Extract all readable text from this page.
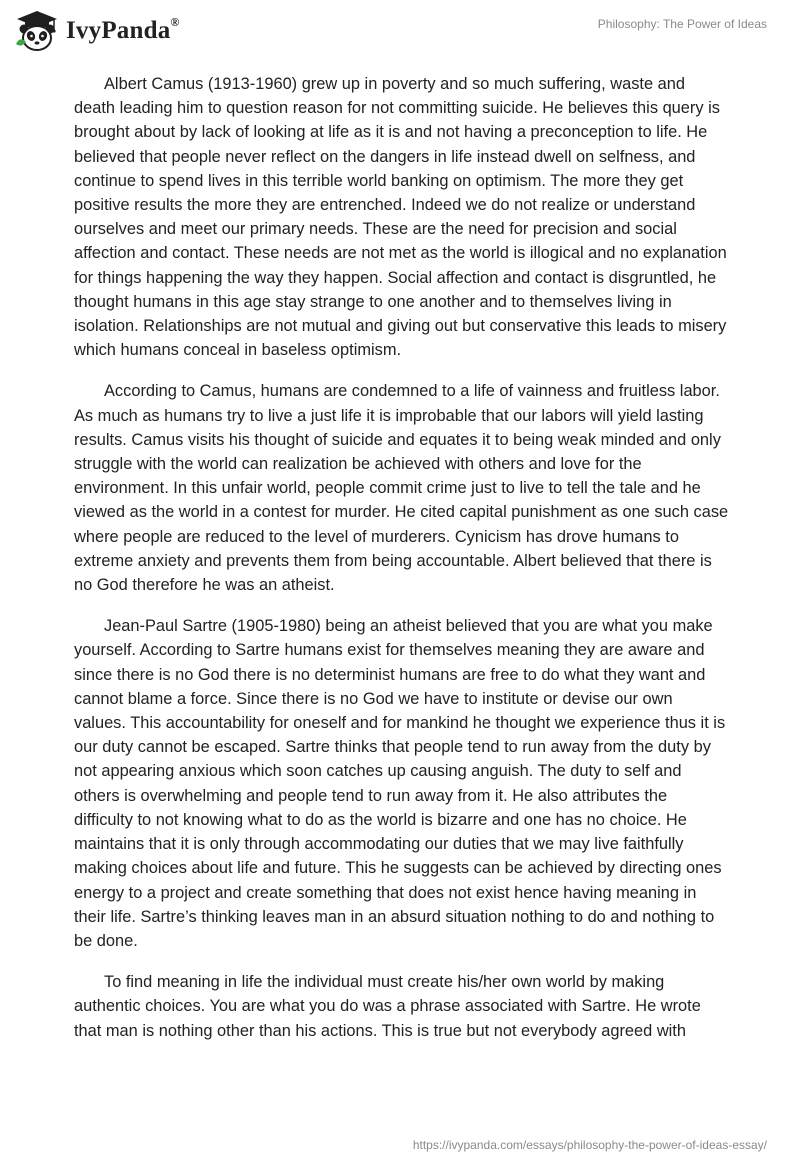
IvyPanda®	Philosophy: The Power of Ideas

Albert Camus (1913-1960) grew up in poverty and so much suffering, waste and death leading him to question reason for not committing suicide. He believes this query is brought about by lack of looking at life as it is and not having a preconception to life. He believed that people never reflect on the dangers in life instead dwell on selfness, and continue to spend lives in this terrible world banking on optimism. The more they get positive results the more they are entrenched. Indeed we do not realize or understand ourselves and meet our primary needs. These are the need for precision and social affection and contact. These needs are not met as the world is illogical and no explanation for things happening the way they happen. Social affection and contact is disgruntled, he thought humans in this age stay strange to one another and to themselves living in isolation. Relationships are not mutual and giving out but conservative this leads to misery which humans conceal in baseless optimism.

According to Camus, humans are condemned to a life of vainness and fruitless labor. As much as humans try to live a just life it is improbable that our labors will yield lasting results. Camus visits his thought of suicide and equates it to being weak minded and only struggle with the world can realization be achieved with others and love for the environment. In this unfair world, people commit crime just to live to tell the tale and he viewed as the world in a contest for murder. He cited capital punishment as one such case where people are reduced to the level of murderers. Cynicism has drove humans to extreme anxiety and prevents them from being accountable. Albert believed that there is no God therefore he was an atheist.

Jean-Paul Sartre (1905-1980) being an atheist believed that you are what you make yourself. According to Sartre humans exist for themselves meaning they are aware and since there is no God there is no determinist humans are free to do what they want and cannot blame a force. Since there is no God we have to institute or devise our own values. This accountability for oneself and for mankind he thought we experience thus it is our duty cannot be escaped. Sartre thinks that people tend to run away from the duty by not appearing anxious which soon catches up causing anguish. The duty to self and others is overwhelming and people tend to run away from it. He also attributes the difficulty to not knowing what to do as the world is bizarre and one has no choice. He maintains that it is only through accommodating our duties that we may live faithfully making choices about life and future. This he suggests can be achieved by directing ones energy to a project and create something that does not exist hence having meaning in their life. Sartre’s thinking leaves man in an absurd situation nothing to do and nothing to be done.

To find meaning in life the individual must create his/her own world by making authentic choices. You are what you do was a phrase associated with Sartre. He wrote that man is nothing other than his actions. This is true but not everybody agreed with

https://ivypanda.com/essays/philosophy-the-power-of-ideas-essay/
